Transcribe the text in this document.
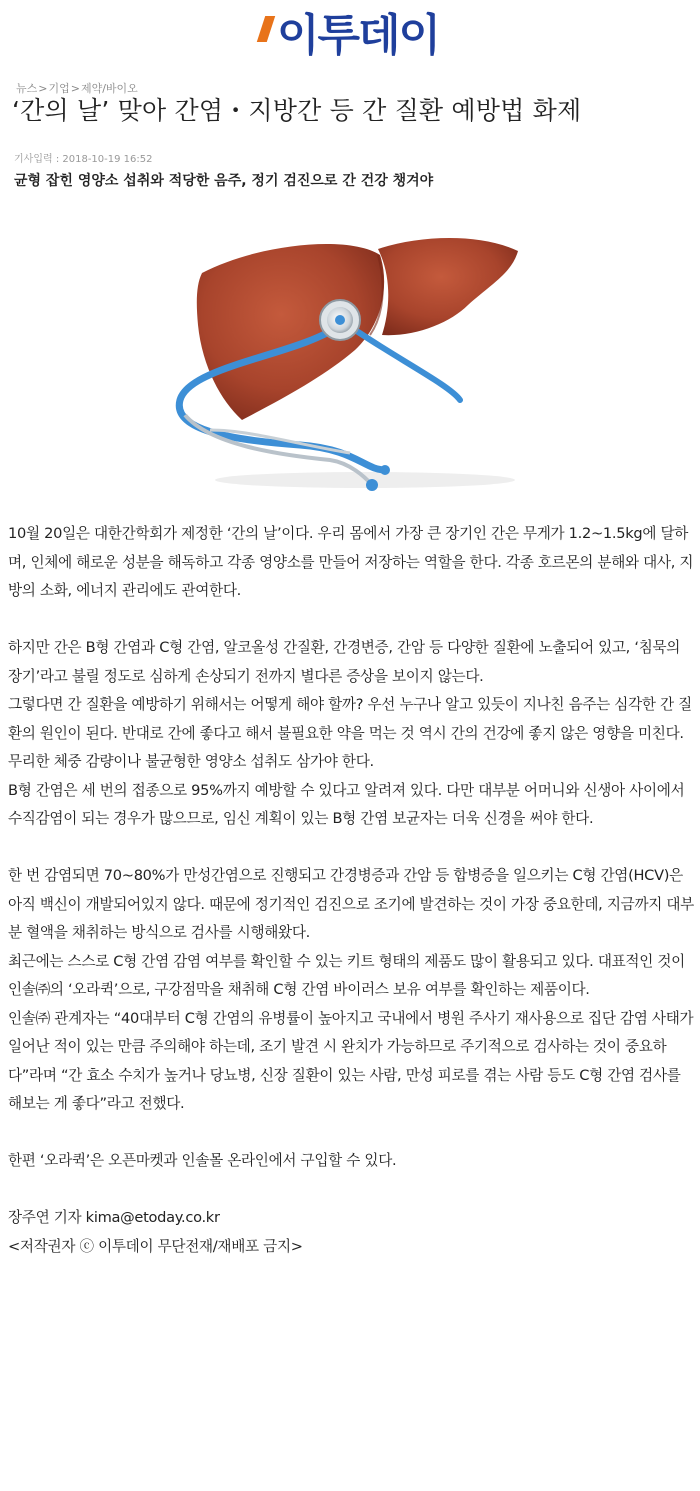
이투데이
뉴스>기업>제약/바이오
‘간의 날’ 맞아 간염・지방간 등 간 질환 예방법 화제
기사입력 : 2018-10-19 16:52
균형 잡힌 영양소 섭취와 적당한 음주, 정기 검진으로 간 건강 챙겨야

10월 20일은 대한간학회가 제정한 ‘간의 날’이다. 우리 몸에서 가장 큰 장기인 간은 무게가 1.2~1.5kg에 달하며, 인체에 해로운 성분을 해독하고 각종 영양소를 만들어 저장하는 역할을 한다. 각종 호르몬의 분해와 대사, 지방의 소화, 에너지 관리에도 관여한다.

하지만 간은 B형 간염과 C형 간염, 알코올성 간질환, 간경변증, 간암 등 다양한 질환에 노출되어 있고, ‘침묵의 장기’라고 불릴 정도로 심하게 손상되기 전까지 별다른 증상을 보이지 않는다.

그렇다면 간 질환을 예방하기 위해서는 어떻게 해야 할까? 우선 누구나 알고 있듯이 지나친 음주는 심각한 간 질환의 원인이 된다. 반대로 간에 좋다고 해서 불필요한 약을 먹는 것 역시 간의 건강에 좋지 않은 영향을 미친다. 무리한 체중 감량이나 불균형한 영양소 섭취도 삼가야 한다.

B형 간염은 세 번의 접종으로 95%까지 예방할 수 있다고 알려져 있다. 다만 대부분 어머니와 신생아 사이에서 수직감염이 되는 경우가 많으므로, 임신 계획이 있는 B형 간염 보균자는 더욱 신경을 써야 한다.

한 번 감염되면 70~80%가 만성간염으로 진행되고 간경병증과 간암 등 합병증을 일으키는 C형 간염(HCV)은 아직 백신이 개발되어있지 않다. 때문에 정기적인 검진으로 조기에 발견하는 것이 가장 중요한데, 지금까지 대부분 혈액을 채취하는 방식으로 검사를 시행해왔다.

최근에는 스스로 C형 간염 감염 여부를 확인할 수 있는 키트 형태의 제품도 많이 활용되고 있다. 대표적인 것이 인솔㈜의 ‘오라퀵’으로, 구강점막을 채취해 C형 간염 바이러스 보유 여부를 확인하는 제품이다.

인솔㈜ 관계자는 “40대부터 C형 간염의 유병률이 높아지고 국내에서 병원 주사기 재사용으로 집단 감염 사태가 일어난 적이 있는 만큼 주의해야 하는데, 조기 발견 시 완치가 가능하므로 주기적으로 검사하는 것이 중요하다”라며 “간 효소 수치가 높거나 당뇨병, 신장 질환이 있는 사람, 만성 피로를 겪는 사람 등도 C형 간염 검사를 해보는 게 좋다”라고 전했다.

한편 ‘오라퀵’은 오픈마켓과 인솔몰 온라인에서 구입할 수 있다.

장주연 기자 kima@etoday.co.kr

<저작권자 ⓒ 이투데이 무단전재/재배포 금지>
